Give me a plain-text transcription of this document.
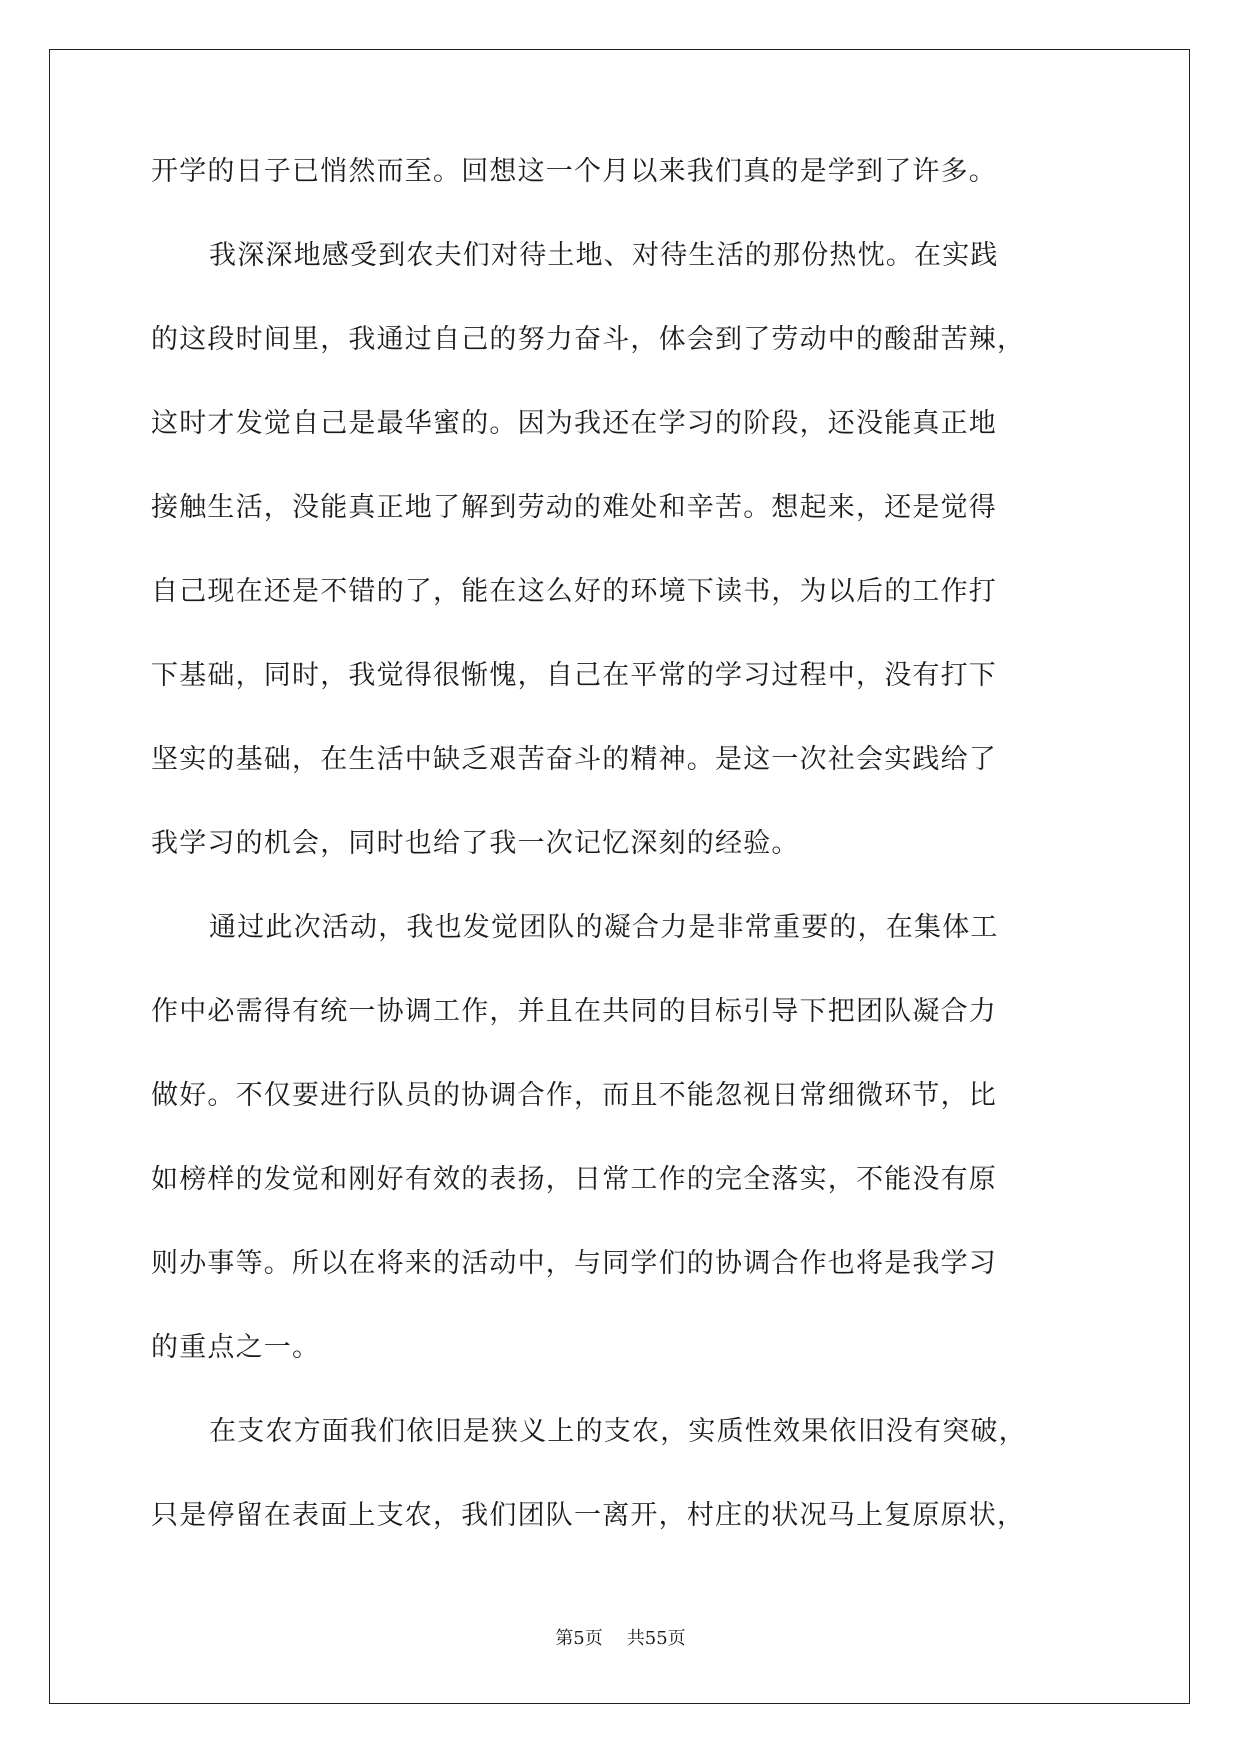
开学的日子已悄然而至。回想这一个月以来我们真的是学到了许多。
我深深地感受到农夫们对待土地、对待生活的那份热忱。在实践
的这段时间里，我通过自己的努力奋斗，体会到了劳动中的酸甜苦辣，
这时才发觉自己是最华蜜的。因为我还在学习的阶段，还没能真正地
接触生活，没能真正地了解到劳动的难处和辛苦。想起来，还是觉得
自己现在还是不错的了，能在这么好的环境下读书，为以后的工作打
下基础，同时，我觉得很惭愧，自己在平常的学习过程中，没有打下
坚实的基础，在生活中缺乏艰苦奋斗的精神。是这一次社会实践给了
我学习的机会，同时也给了我一次记忆深刻的经验。
通过此次活动，我也发觉团队的凝合力是非常重要的，在集体工
作中必需得有统一协调工作，并且在共同的目标引导下把团队凝合力
做好。不仅要进行队员的协调合作，而且不能忽视日常细微环节，比
如榜样的发觉和刚好有效的表扬，日常工作的完全落实，不能没有原
则办事等。所以在将来的活动中，与同学们的协调合作也将是我学习
的重点之一。
在支农方面我们依旧是狭义上的支农，实质性效果依旧没有突破，
只是停留在表面上支农，我们团队一离开，村庄的状况马上复原原状，
第5页 共55页
